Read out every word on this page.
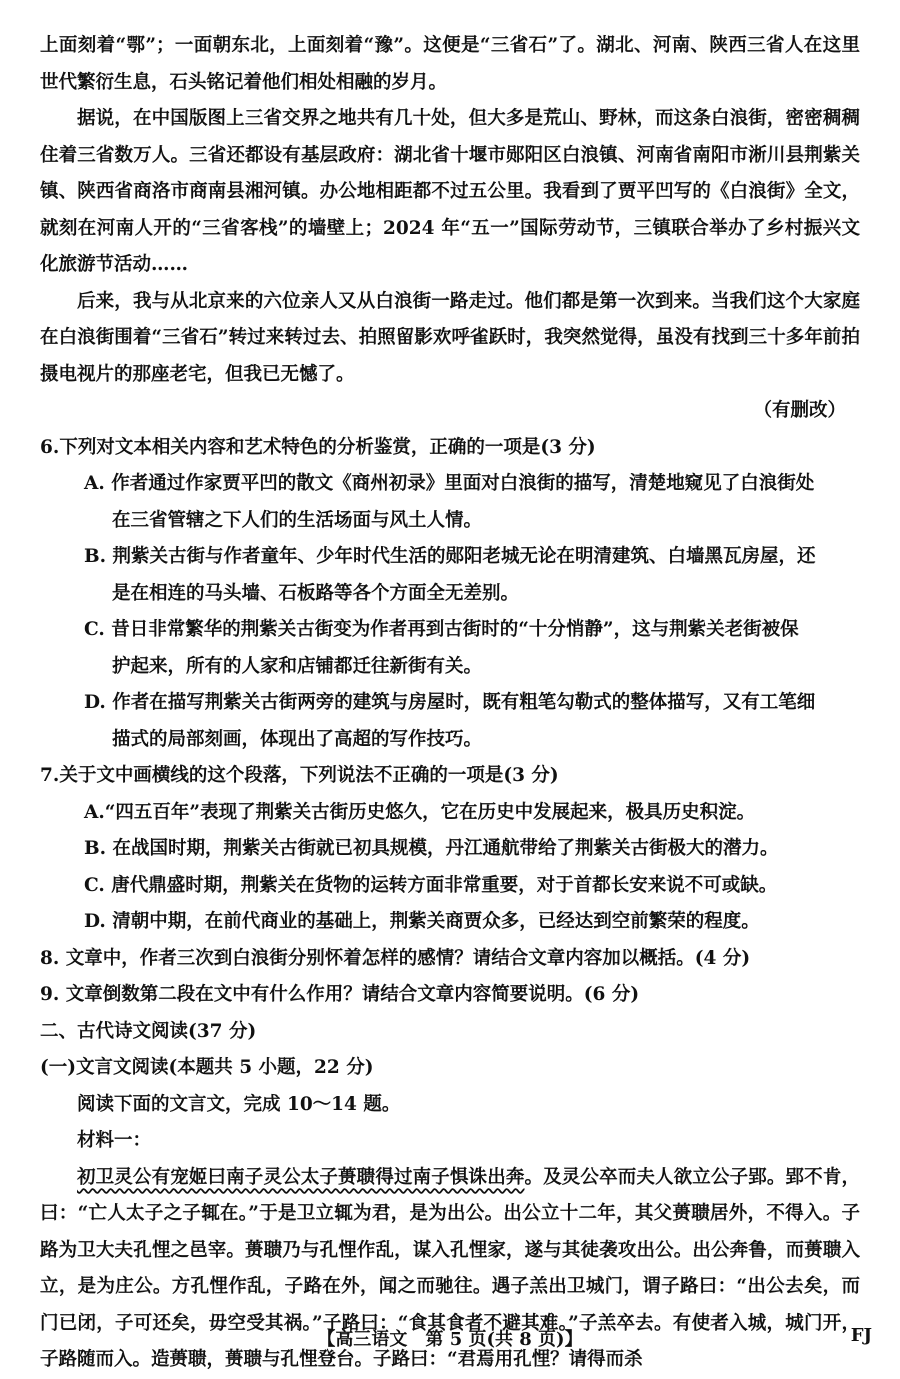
上面刻着“鄂”；一面朝东北，上面刻着“豫”。这便是“三省石”了。湖北、河南、陕西三省人在这里世代繁衍生息，石头铭记着他们相处相融的岁月。

据说，在中国版图上三省交界之地共有几十处，但大多是荒山、野林，而这条白浪街，密密稠稠住着三省数万人。三省还都设有基层政府：湖北省十堰市郧阳区白浪镇、河南省南阳市淅川县荆紫关镇、陕西省商洛市商南县湘河镇。办公地相距都不过五公里。我看到了贾平凹写的《白浪街》全文，就刻在河南人开的“三省客栈”的墙壁上；2024 年“五一”国际劳动节，三镇联合举办了乡村振兴文化旅游节活动……

后来，我与从北京来的六位亲人又从白浪街一路走过。他们都是第一次到来。当我们这个大家庭在白浪街围着“三省石”转过来转过去、拍照留影欢呼雀跃时，我突然觉得，虽没有找到三十多年前拍摄电视片的那座老宅，但我已无憾了。

（有删改）

6.下列对文本相关内容和艺术特色的分析鉴赏，正确的一项是(3 分)

A. 作者通过作家贾平凹的散文《商州初录》里面对白浪街的描写，清楚地窥见了白浪街处
在三省管辖之下人们的生活场面与风土人情。
B. 荆紫关古街与作者童年、少年时代生活的郧阳老城无论在明清建筑、白墙黑瓦房屋，还
是在相连的马头墙、石板路等各个方面全无差别。
C. 昔日非常繁华的荆紫关古街变为作者再到古街时的“十分悄静”，这与荆紫关老街被保
护起来，所有的人家和店铺都迁往新街有关。
D. 作者在描写荆紫关古街两旁的建筑与房屋时，既有粗笔勾勒式的整体描写，又有工笔细
描式的局部刻画，体现出了高超的写作技巧。

7.关于文中画横线的这个段落，下列说法不正确的一项是(3 分)

A.“四五百年”表现了荆紫关古街历史悠久，它在历史中发展起来，极具历史积淀。

B. 在战国时期，荆紫关古街就已初具规模，丹江通航带给了荆紫关古街极大的潜力。

C. 唐代鼎盛时期，荆紫关在货物的运转方面非常重要，对于首都长安来说不可或缺。

D. 清朝中期，在前代商业的基础上，荆紫关商贾众多，已经达到空前繁荣的程度。

8. 文章中，作者三次到白浪街分别怀着怎样的感情？请结合文章内容加以概括。(4 分)

9. 文章倒数第二段在文中有什么作用？请结合文章内容简要说明。(6 分)

二、古代诗文阅读(37 分)

(一)文言文阅读(本题共 5 小题，22 分)

阅读下面的文言文，完成 10～14 题。

材料一：

初卫灵公有宠姬曰南子灵公太子蒉聩得过南子惧诛出奔。及灵公卒而夫人欲立公子郢。郢不肯，曰：“亡人太子之子辄在。”于是卫立辄为君，是为出公。出公立十二年，其父蒉聩居外，不得入。子路为卫大夫孔悝之邑宰。蒉聩乃与孔悝作乱，谋入孔悝家，遂与其徒袭攻出公。出公奔鲁，而蒉聩入立，是为庄公。方孔悝作乱，子路在外，闻之而驰往。遇子羔出卫城门，谓子路曰：“出公去矣，而门已闭，子可还矣，毋空受其祸。”子路曰：“食其食者不避其难。”子羔卒去。有使者入城，城门开，子路随而入。造蒉聩，蒉聩与孔悝登台。子路曰：“君焉用孔悝？请得而杀

【高三语文　第 5 页(共 8 页)】	FJ
